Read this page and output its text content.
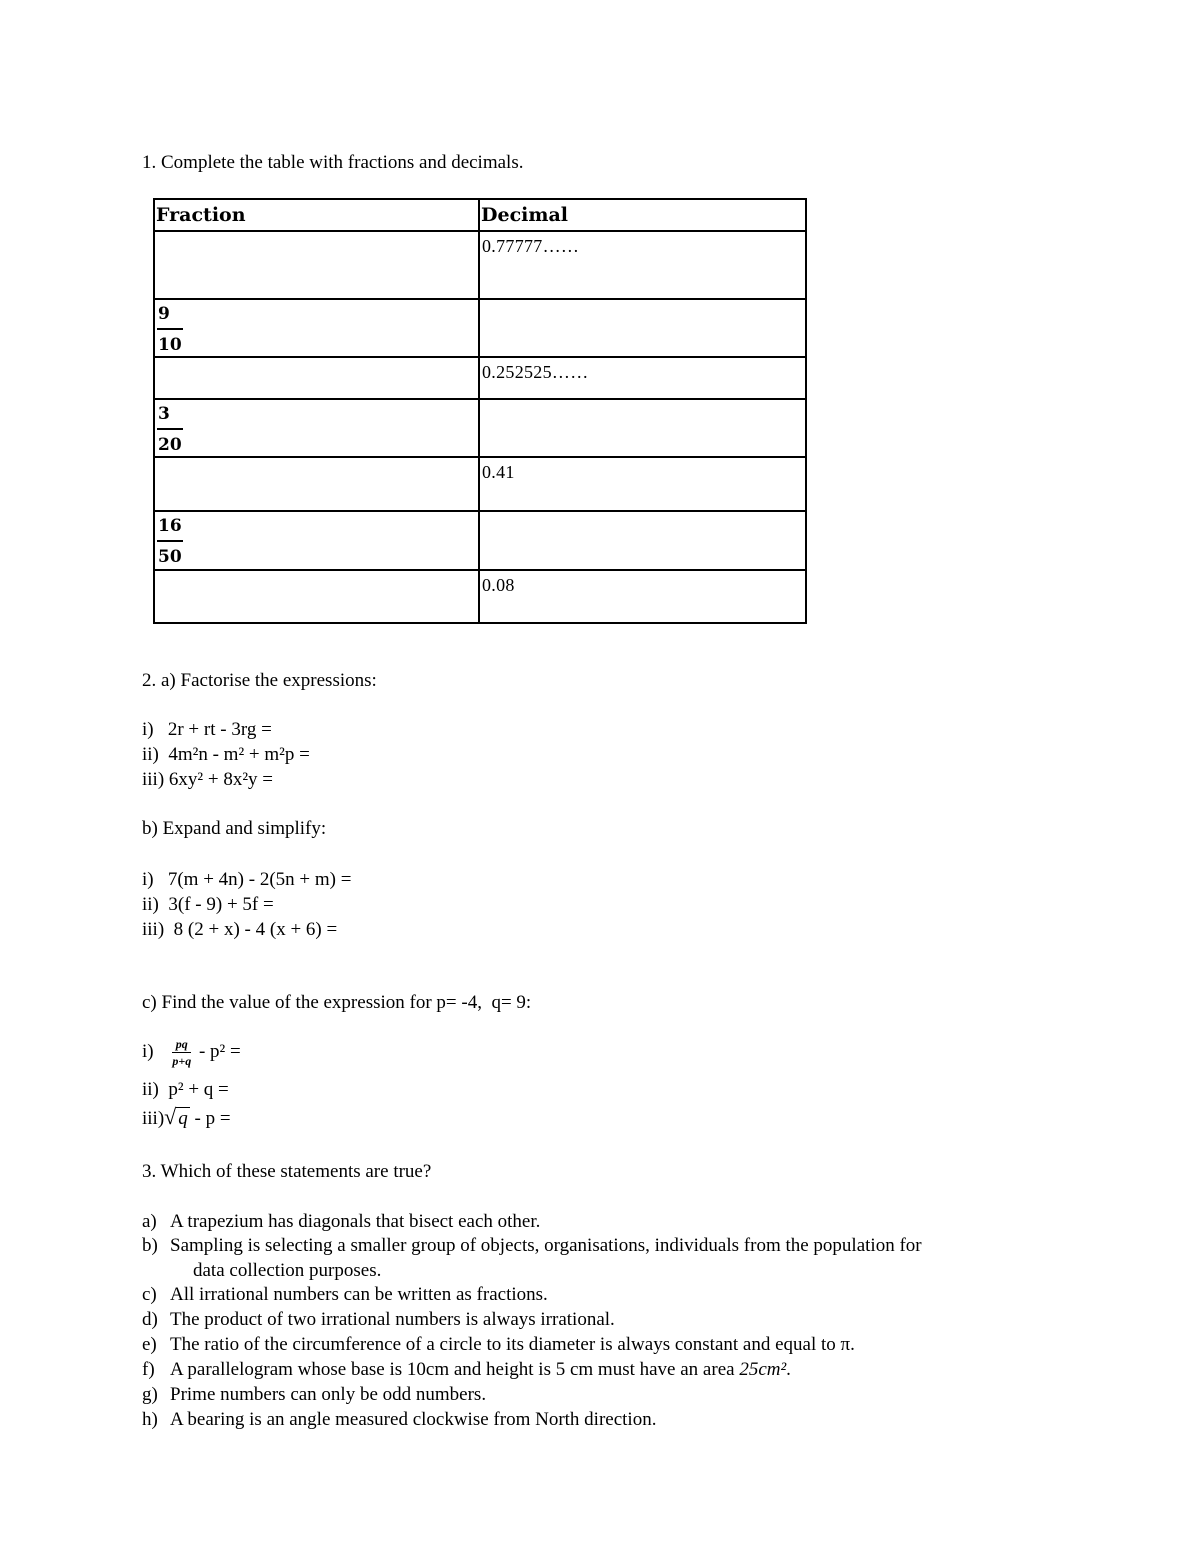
1. Complete the table with fractions and decimals.
Fraction	Decimal
	0.77777……

$\frac{9}{10}$

	0.252525……

$\frac{3}{20}$

	0.41

$\frac{16}{50}$

	0.08
2. a) Factorise the expressions:
i)   2r + rt - 3rg =
ii)  4m²n - m² + m²p =
iii) 6xy² + 8x²y =
b) Expand and simplify:
i)   7(m + 4n) - 2(5n + m) =
ii)  3(f - 9) + 5f =
iii)  8 (2 + x) - 4 (x + 6) =
c) Find the value of the expression for p= -4,  q= 9:
$i) \frac{pq}{p+q} - p^2$ =
ii)  p² + q =
iii)√ q - p =
3. Which of these statements are true?
a) A trapezium has diagonals that bisect each other.
b) Sampling is selecting a smaller group of objects, organisations, individuals from the population for
data collection purposes.
c) All irrational numbers can be written as fractions.
d) The product of two irrational numbers is always irrational.
e) The ratio of the circumference of a circle to its diameter is always constant and equal to π.
f) A parallelogram whose base is 10cm and height is 5 cm must have an area 25cm².
g) Prime numbers can only be odd numbers.
h) A bearing is an angle measured clockwise from North direction.
